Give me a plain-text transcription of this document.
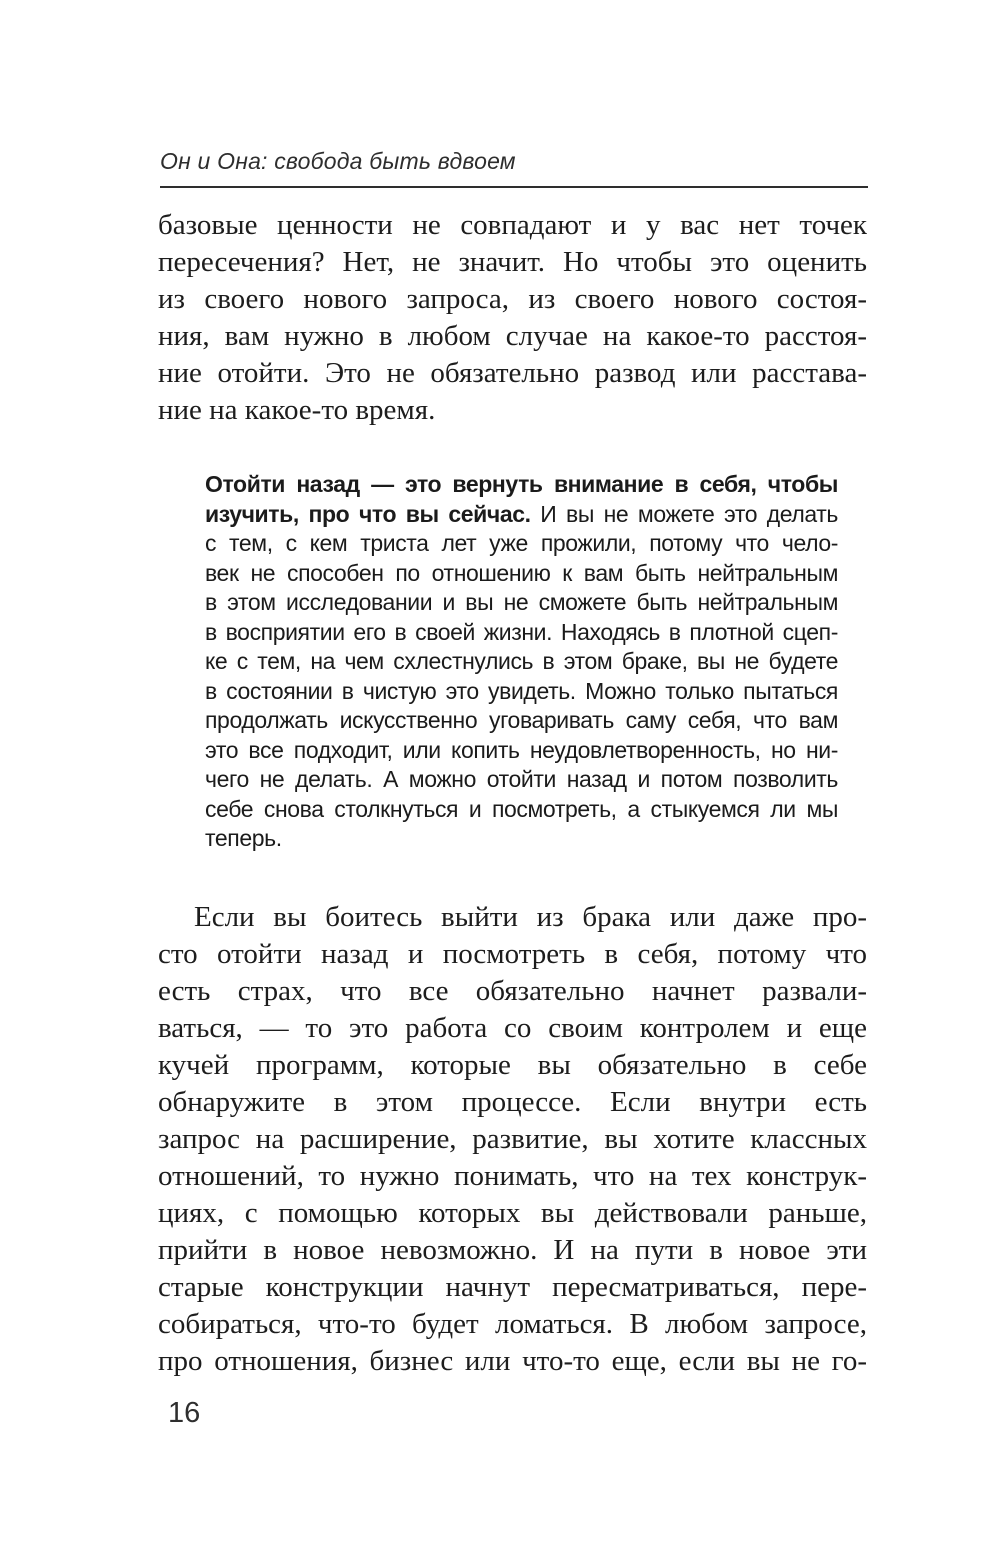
Он и Она: свобода быть вдвоем
базовые ценности не совпадают и у вас нет точек
пересечения? Нет, не значит. Но чтобы это оценить
из своего нового запроса, из своего нового состоя-
ния, вам нужно в любом случае на какое-то расстоя-
ние отойти. Это не обязательно развод или расстава-
ние на какое-то время.
Отойти назад — это вернуть внимание в себя, чтобы
изучить, про что вы сейчас. И вы не можете это делать
с тем, с кем триста лет уже прожили, потому что чело-
век не способен по отношению к вам быть нейтральным
в этом исследовании и вы не сможете быть нейтральным
в восприятии его в своей жизни. Находясь в плотной сцеп-
ке с тем, на чем схлестнулись в этом браке, вы не будете
в состоянии в чистую это увидеть. Можно только пытаться
продолжать искусственно уговаривать саму себя, что вам
это все подходит, или копить неудовлетворенность, но ни-
чего не делать. А можно отойти назад и потом позволить
себе снова столкнуться и посмотреть, а стыкуемся ли мы
теперь.
Если вы боитесь выйти из брака или даже про-
сто отойти назад и посмотреть в себя, потому что
есть страх, что все обязательно начнет развали-
ваться, — то это работа со своим контролем и еще
кучей программ, которые вы обязательно в себе
обнаружите в этом процессе. Если внутри есть
запрос на расширение, развитие, вы хотите классных
отношений, то нужно понимать, что на тех конструк-
циях, с помощью которых вы действовали раньше,
прийти в новое невозможно. И на пути в новое эти
старые конструкции начнут пересматриваться, пере-
собираться, что-то будет ломаться. В любом запросе,
про отношения, бизнес или что-то еще, если вы не го-
16
